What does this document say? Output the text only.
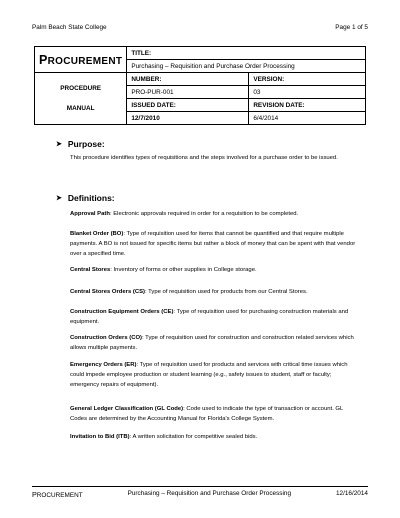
Palm Beach State College	Page 1 of 5
PROCUREMENT	TITLE:	
	Purchasing – Requisition and Purchase Order Processing	

PROCEDURE
MANUAL	NUMBER:	VERSION:
	PRO-PUR-001	03
	ISSUED DATE:	REVISION DATE:
	12/7/2010	6/4/2014
➤ Purpose:
This procedure identifies types of requisitions and the steps involved for a purchase order to be issued.
➤ Definitions:
Approval Path: Electronic approvals required in order for a requisition to be completed.
Blanket Order (BO): Type of requisition used for items that cannot be quantified and that require multiple payments. A BO is not issued for specific items but rather a block of money that can be spent with that vendor over a specified time.
Central Stores: Inventory of forms or other supplies in College storage.
Central Stores Orders (CS): Type of requisition used for products from our Central Stores.
Construction Equipment Orders (CE): Type of requisition used for purchasing construction materials and equipment.
Construction Orders (CO): Type of requisition used for construction and construction related services which allows multiple payments.
Emergency Orders (ER): Type of requisition used for products and services with critical time issues which could impede employee production or student learning (e.g., safety issues to student, staff or faculty; emergency repairs of equipment).
General Ledger Classification (GL Code): Code used to indicate the type of transaction or account. GL Codes are determined by the Accounting Manual for Florida's College System.
Invitation to Bid (ITB): A written solicitation for competitive sealed bids.
PROCUREMENT	Purchasing – Requisition and Purchase Order Processing	12/16/2014
